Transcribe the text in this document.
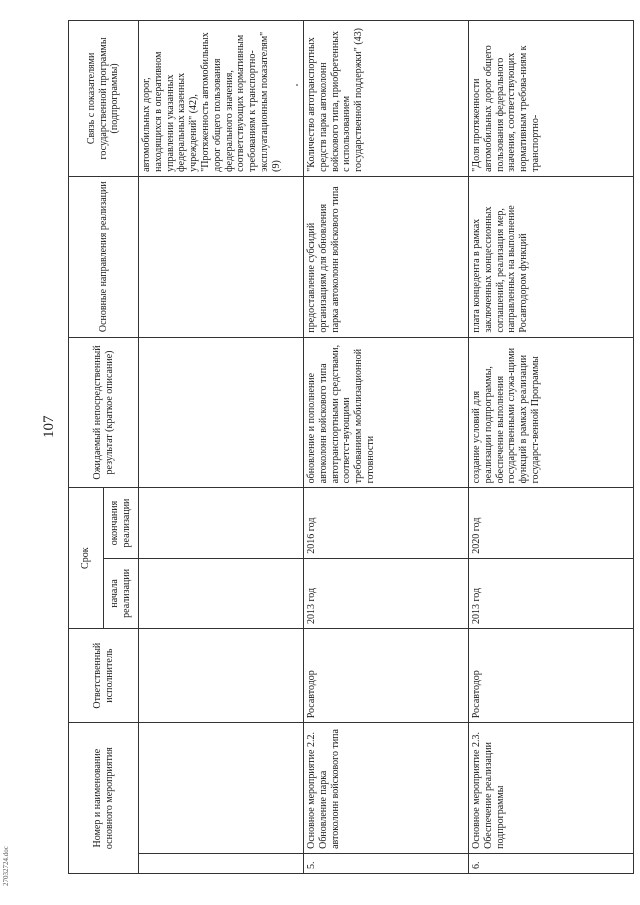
107
27032724.doc
Номер и наименование основного мероприятия		Ответственный исполнитель	Срок		Ожидаемый непосредственный результат (краткое описание)	Основные направления реализации	Связь с показателями государственной программы (подпрограммы)
			начала реализации	окончания реализации			
							автомобильных дорог, находящихся в оперативном управлении указанных федеральных казенных учреждений" (42), "Протяженность автомобильных дорог общего пользования федерального значения, соответствующих нормативным требованиям к транспортно-эксплуатационным показателям" (9)
5.	Основное мероприятие 2.2. Обновление парка автоколонн войскового типа	Росавтодор	2013 год	2016 год	обновление и пополнение автоколонн войскового типа автотранспортными средствами, соответст-вующими требованиям мобилизационной готовности	предоставление субсидий организациям для обновления парка автоколонн войскового типа	"Количество автотранспортных средств парка автоколонн войскового типа, приобретенных с использованием государственной поддержки" (43)
6.	Основное мероприятие 2.3. Обеспечение реализации подпрограммы	Росавтодор	2013 год	2020 год	создание условий для реализации подпрограммы, обеспечение выполнения государственными служа-щими функций в рамках реализации государст-венной Программы	плата концедента в рамках заключенных концессионных соглашений, реализация мер, направленных на выполнение Росавтодором функций	"Доля протяженности автомобильных дорог общего пользования федерального значения, соответствующих нормативным требова-ниям к транспортно-
